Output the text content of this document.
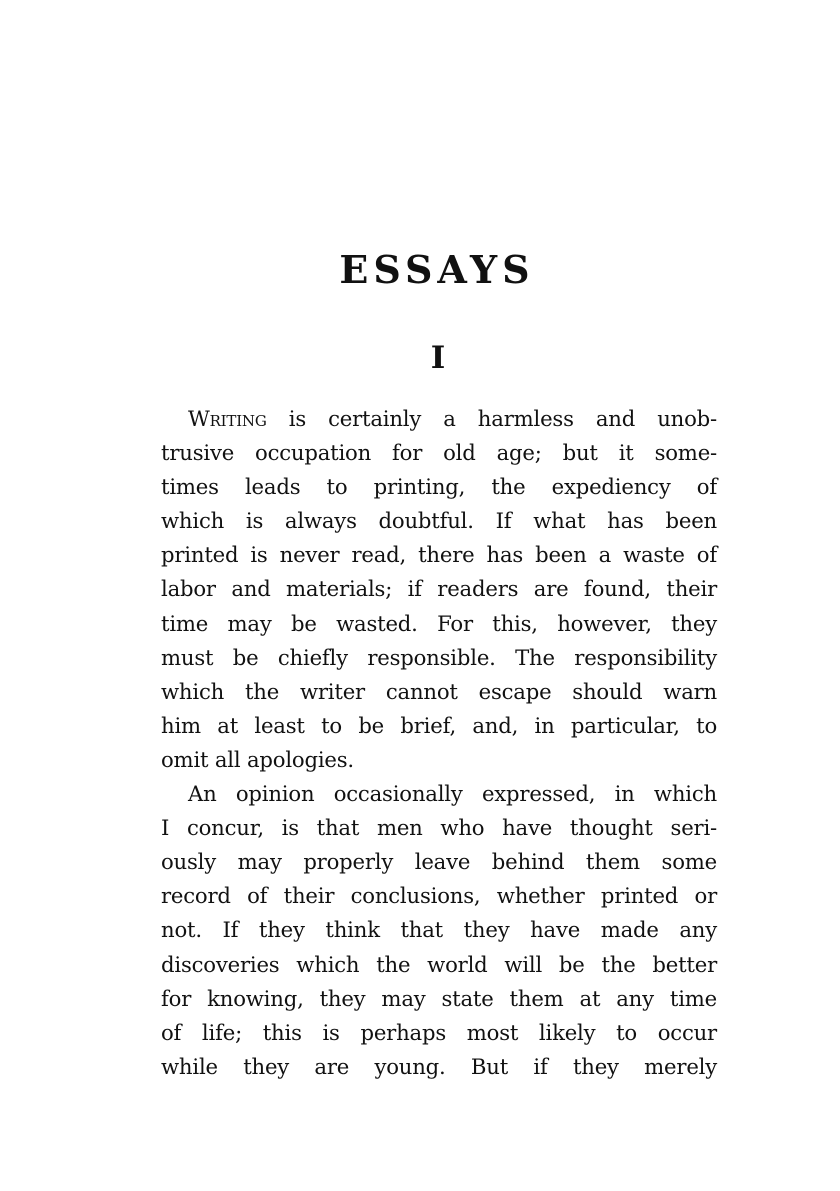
ESSAYS
I

Writing is certainly a harmless and unob-
trusive occupation for old age; but it some-
times leads to printing, the expediency of
which is always doubtful. If what has been
printed is never read, there has been a waste of
labor and materials; if readers are found, their
time may be wasted. For this, however, they
must be chiefly responsible. The responsibility
which the writer cannot escape should warn
him at least to be brief, and, in particular, to
omit all apologies.

An opinion occasionally expressed, in which
I concur, is that men who have thought seri-
ously may properly leave behind them some
record of their conclusions, whether printed or
not. If they think that they have made any
discoveries which the world will be the better
for knowing, they may state them at any time
of life; this is perhaps most likely to occur
while they are young. But if they merely
